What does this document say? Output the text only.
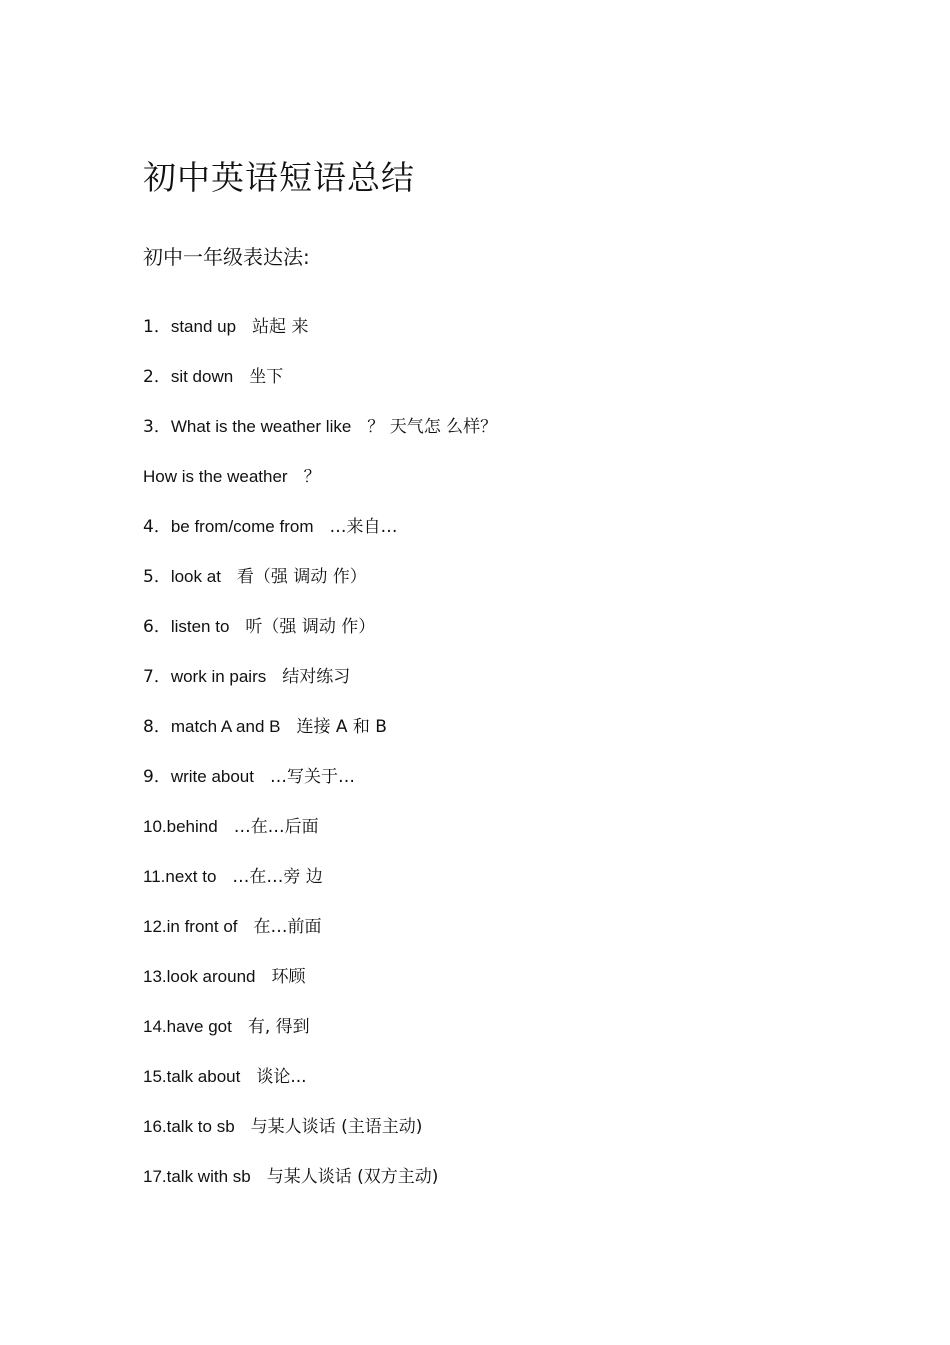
初中英语短语总结
初中一年级表达法:
1．stand up 站起 来
2．sit down 坐下
3．What is the weather like ？ 天气怎 么样？
How is the weather ？
4．be from/come from …来自…
5．look at 看（强 调动 作）
6．listen to 听（强 调动 作）
7．work in pairs 结对练习
8．match A and B 连接 A 和 B
9．write about …写关于…
10.behind …在…后面
11.next to …在…旁 边
12.in front of 在…前面
13.look around 环顾
14.have got 有, 得到
15.talk about 谈论...
16.talk to sb 与某人谈话 (主语主动)
17.talk with sb 与某人谈话 (双方主动)
